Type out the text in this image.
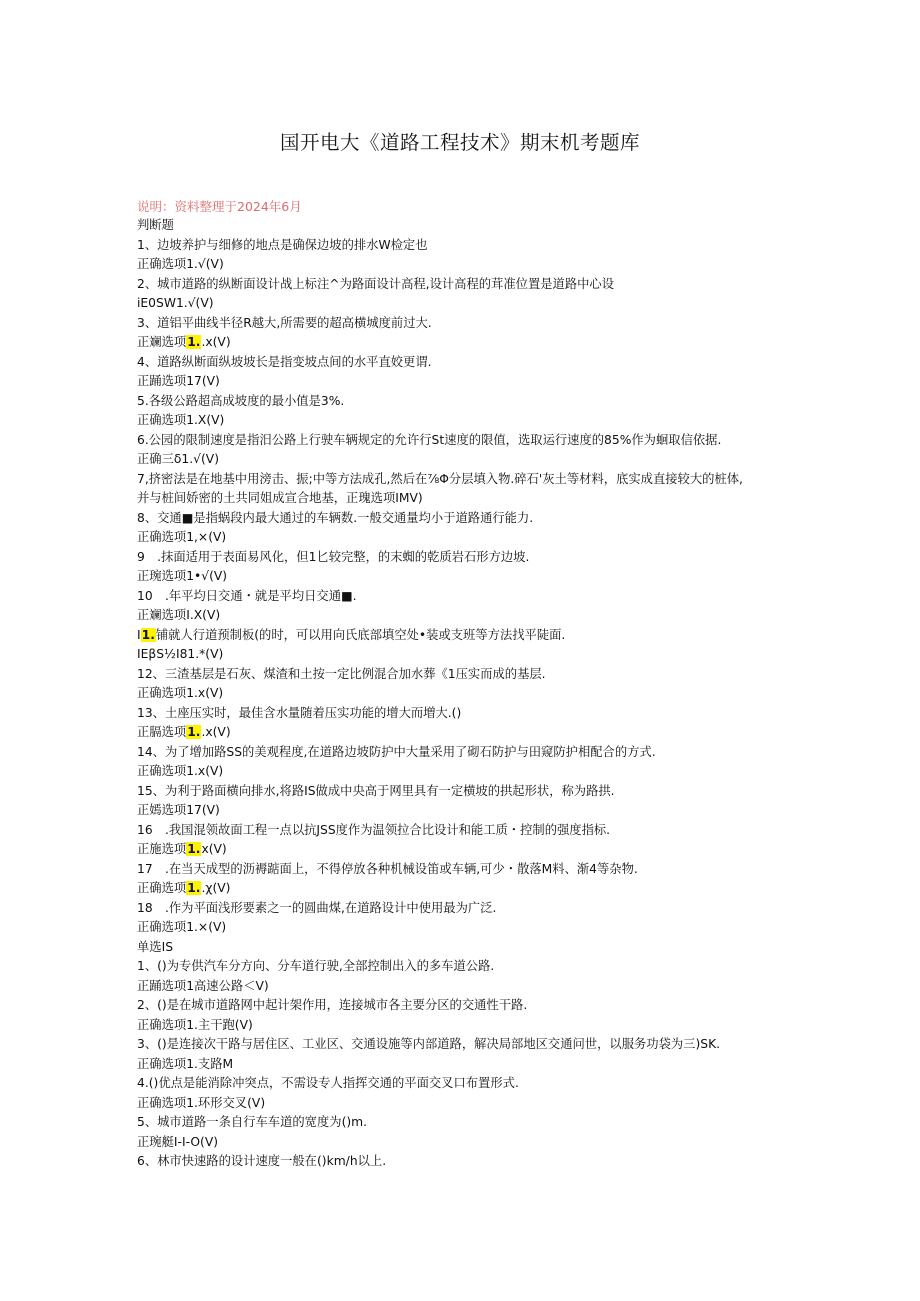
国开电大《道路工程技术》期末机考题库
说明：资料整理于2024年6月
判断题
1、边坡养护与细修的地点是确保边坡的排水W检定也
正确选项1.√(V)
2、城市道路的纵断面设计战上标注^为路面设计高程,设计高程的茸准位置是道路中心设
iE0SW1.√(V)
3、道铝平曲线半径R越大,所需要的超高横城度前过大.
正斓选项1..x(V)
4、道路纵断面纵坡坡长是指变坡点间的水平直姣更谓.
正踊选项17(V)
5.各级公路超高成坡度的最小值是3%.
正确选项1.X(V)
6.公园的限制速度是指汨公路上行驶车辆规定的允许行St速度的限值，选取运行速度的85%作为蛔取信依据.
正确三δ1.√(V)
7,挤密法是在地基中用滂击、振;中等方法成孔,然后在⅞Φ分层填入物.碎石'灰土等材料，底实成直接较大的桩体,
并与桩间娇密的土共同姐成宣合地基，正瑰选项IMV)
8、交通■是指蜗段内最大通过的车辆数.一般交通量均小于道路通行能力.
正确选项1,×(V)
9　.抹面适用于表面易风化，但1匕较完整，的末蜘的乾质岩石形方边坡.
正琬选项1•√(V)
10　.年平均日交通・就是平均日交通■.
正斓选项I.X(V)
I1.铺就人行道预制板(的时，可以用向氏底部填空处•装或支班等方法找平陡面.
IEβS½I81.*(V)
12、三渣基层是石灰、煤渣和土按一定比例混合加水葬《1压实而成的基层.
正确选项1.x(V)
13、土座压实时，最佳含水量随着压实功能的增大而増大.()
正膈选项1..x(V)
14、为了增加路SS的美观程度,在道路边坡防护中大量采用了砌石防护与田窥防护相配合的方式.
正确选项1.x(V)
15、为利于路面横向排水,将路IS做成中央高于网里具有一定横坡的拱起形状，称为路拱.
正嫣选项17(V)
16　.我国混领故面工程一点以抗JSS度作为温领拉合比设计和能工质・控制的强度指标.
正施选项1.x(V)
17　.在当天成型的沥褥踮面上，不得停放各种机械设笛或车辆,可少・散落M料、渐4等杂物.
正确选项1..χ(V)
18　.作为平面浅形要素之一的圆曲煤,在道路设计中使用最为广泛.
正确选项1.×(V)
单选IS
1、()为专供汽车分方向、分车道行驶,全部控制出入的多车道公路.
正踊选项1高速公路＜V)
2、()是在城市道路网中起计架作用，连接城市各主要分区的交通性干路.
正确选项1.主干跑(V)
3、()是连接次干路与居住区、工业区、交通设施等内部道路，解决局部地区交通问世，以服务功袋为三)SK.
正确选项1.支路M
4.()优点是能消除冲突点，不需设专人指挥交通的平面交叉口布置形式.
正确选项1.环形交叉(V)
5、城市道路一条自行车车道的宽度为()m.
正琬艇I-I-O(V)
6、林市快速路的设计速度一般在()km/h以上.
